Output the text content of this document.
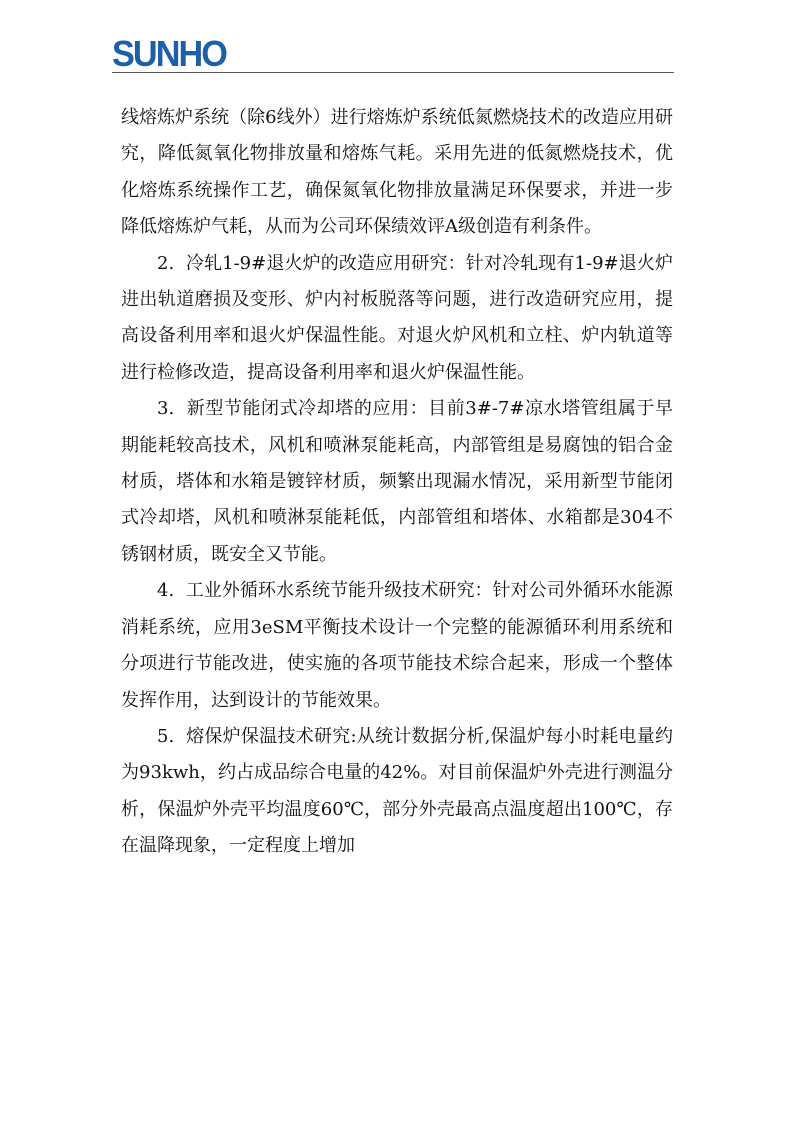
SUNHO

线熔炼炉系统（除6线外）进行熔炼炉系统低氮燃烧技术的改造应用研究，降低氮氧化物排放量和熔炼气耗。采用先进的低氮燃烧技术，优化熔炼系统操作工艺，确保氮氧化物排放量满足环保要求，并进一步降低熔炼炉气耗，从而为公司环保绩效评A级创造有利条件。

2.  冷轧1-9#退火炉的改造应用研究：针对冷轧现有1-9#退火炉进出轨道磨损及变形、炉内衬板脱落等问题，进行改造研究应用，提高设备利用率和退火炉保温性能。对退火炉风机和立柱、炉内轨道等进行检修改造，提高设备利用率和退火炉保温性能。

3.  新型节能闭式冷却塔的应用：目前3#-7#凉水塔管组属于早期能耗较高技术，风机和喷淋泵能耗高，内部管组是易腐蚀的铝合金材质，塔体和水箱是镀锌材质，频繁出现漏水情况，采用新型节能闭式冷却塔，风机和喷淋泵能耗低，内部管组和塔体、水箱都是304不锈钢材质，既安全又节能。

4.  工业外循环水系统节能升级技术研究：针对公司外循环水能源消耗系统，应用3eSM平衡技术设计一个完整的能源循环利用系统和分项进行节能改进，使实施的各项节能技术综合起来，形成一个整体发挥作用，达到设计的节能效果。

5.  熔保炉保温技术研究:从统计数据分析,保温炉每小时耗电量约为93kwh，约占成品综合电量的42%。对目前保温炉外壳进行测温分析，保温炉外壳平均温度60℃，部分外壳最高点温度超出100℃，存在温降现象，一定程度上增加
